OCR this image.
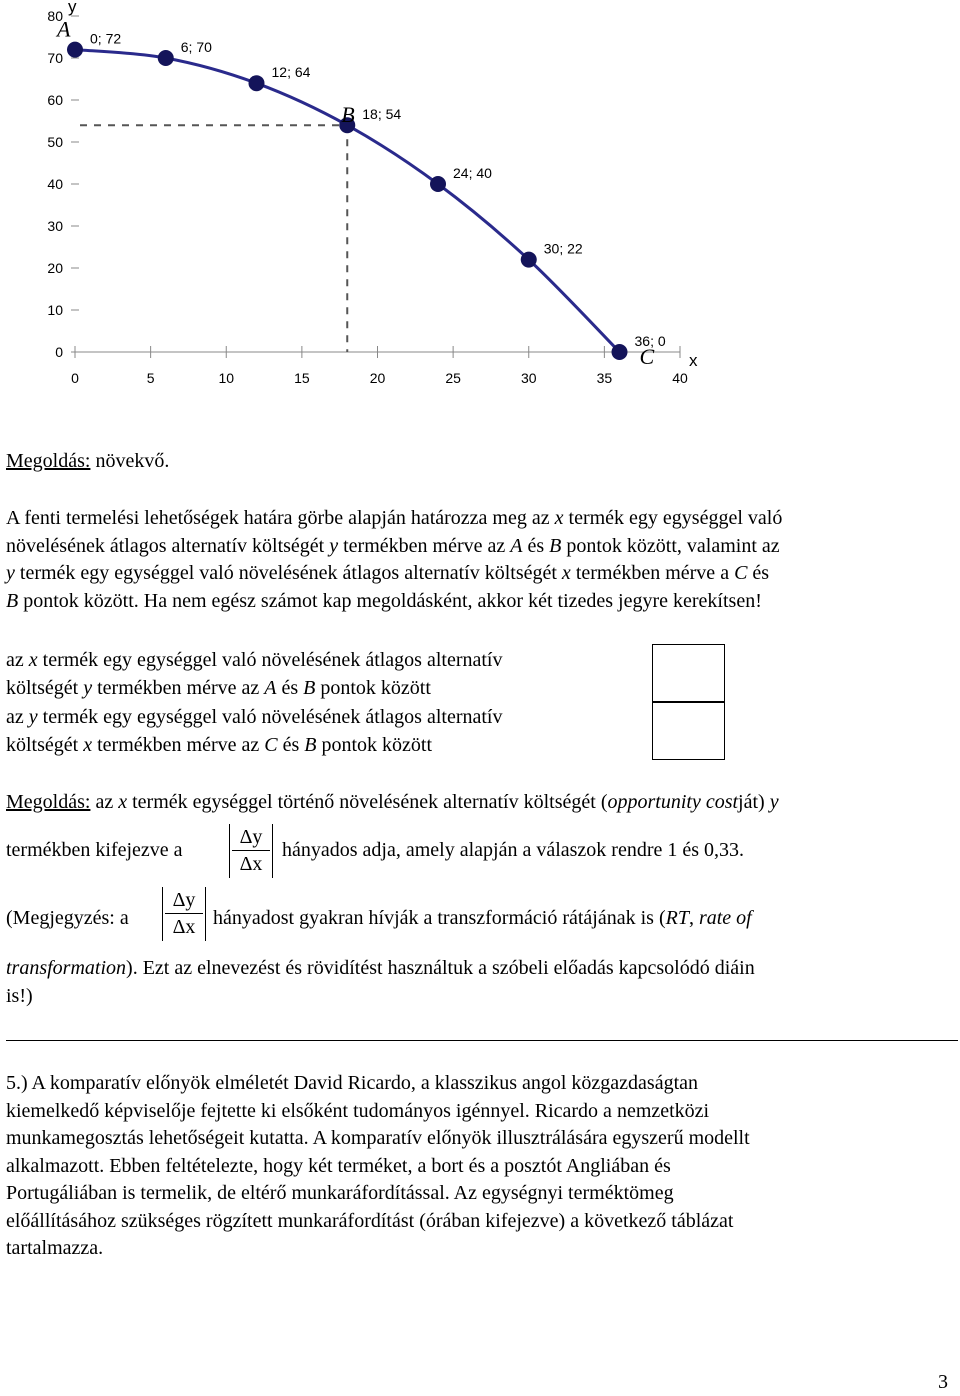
0
10
20
30
40
50
60
70
80
0	5	10	15	20	25	30	35	40
y
x
0; 72
6; 70
12; 64
18; 54
24; 40
30; 22
36; 0
A
B
C
Megoldás: növekvő.
A fenti termelési lehetőségek határa görbe alapján határozza meg az x termék egy egységgel való
növelésének átlagos alternatív költségét y termékben mérve az A és B pontok között, valamint az
y termék egy egységgel való növelésének átlagos alternatív költségét x termékben mérve a C és
B pontok között. Ha nem egész számot kap megoldásként, akkor két tizedes jegyre kerekítsen!
az x termék egy egységgel való növelésének átlagos alternatív
költségét y termékben mérve az A és B pontok között
az y termék egy egységgel való növelésének átlagos alternatív
költségét x termékben mérve az C és B pontok között
Megoldás: az x termék egységgel történő növelésének alternatív költségét (opportunity costját) y
termékben kifejezve a $\frac{\Delta y}{\Delta x}$ hányados adja, amely alapján a válaszok rendre 1 és 0,33.
(Megjegyzés: a $\frac{\Delta y}{\Delta x}$ hányadost gyakran hívják a transzformáció rátájának is (RT, rate of
transformation). Ezt az elnevezést és rövidítést használtuk a szóbeli előadás kapcsolódó diáin
is!)
5.) A komparatív előnyök elméletét David Ricardo, a klasszikus angol közgazdaságtan
kiemelkedő képviselője fejtette ki elsőként tudományos igénnyel. Ricardo a nemzetközi
munkamegosztás lehetőségeit kutatta. A komparatív előnyök illusztrálására egyszerű modellt
alkalmazott. Ebben feltételezte, hogy két terméket, a bort és a posztót Angliában és
Portugáliában is termelik, de eltérő munkaráfordítással. Az egységnyi terméktömeg
előállításához szükséges rögzített munkaráfordítást (órában kifejezve) a következő táblázat
tartalmazza.
3
